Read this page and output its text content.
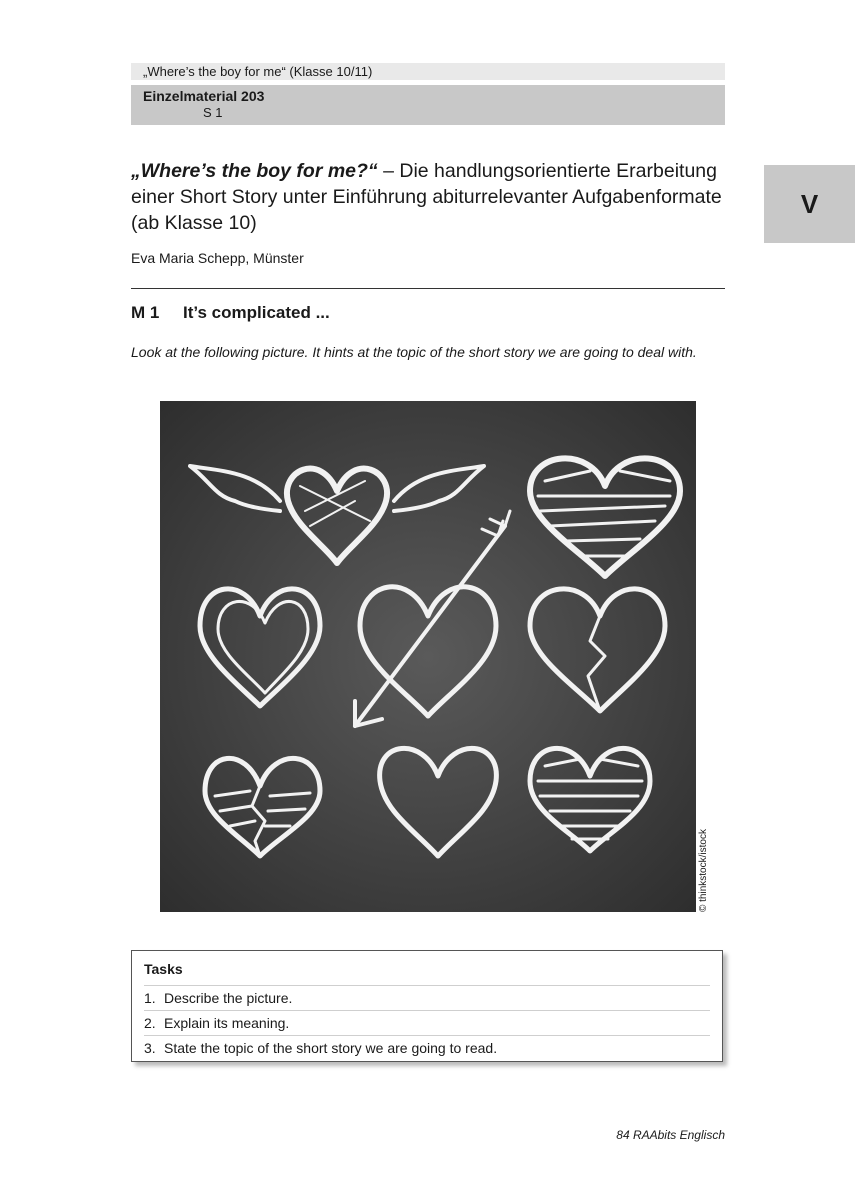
„Where’s the boy for me“ (Klasse 10/11)
Einzelmaterial 203
S 1
V
„Where’s the boy for me?“ – Die handlungsorientierte Erarbeitung einer Short Story unter Einführung abiturrelevanter Aufgabenformate (ab Klasse 10)
Eva Maria Schepp, Münster
M 1 It’s complicated ...
Look at the following picture. It hints at the topic of the short story we are going to deal with.
© thinkstock/istock
Tasks
1. Describe the picture.
2. Explain its meaning.
3. State the topic of the short story we are going to read.
84 RAAbits Englisch
